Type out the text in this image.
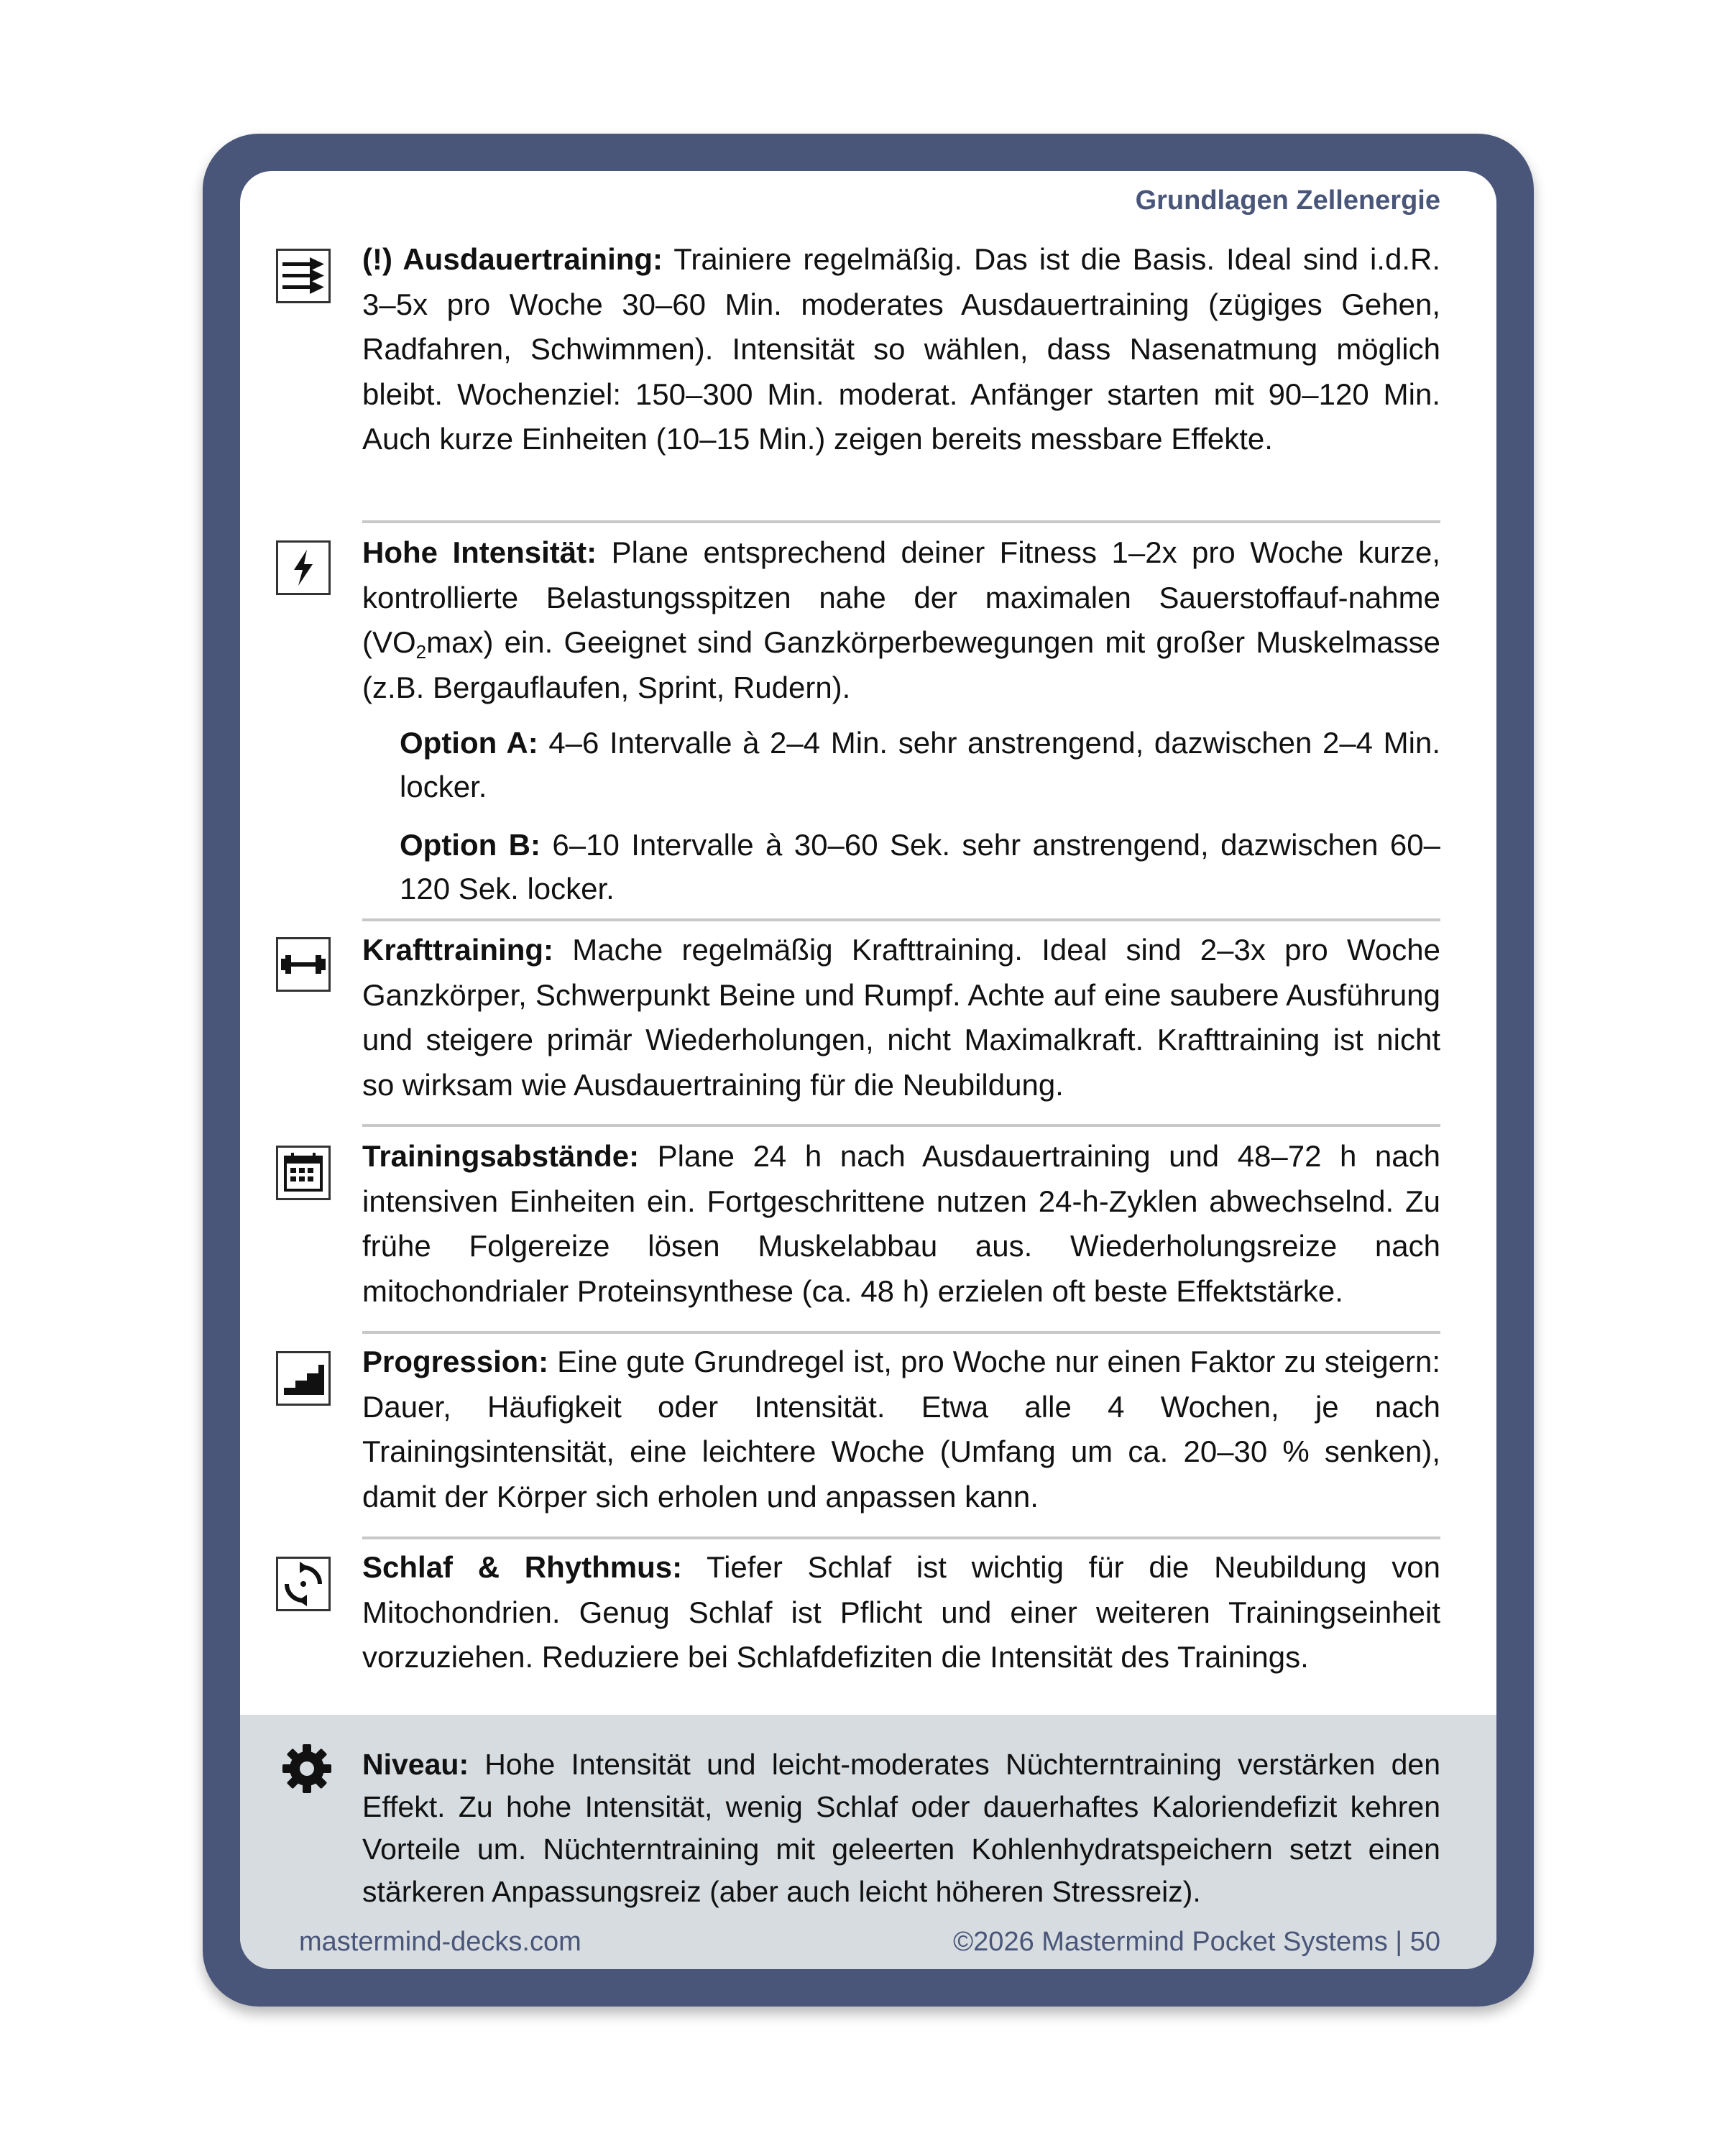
Grundlagen Zellenergie
(!) Ausdauertraining: Trainiere regelmäßig. Das ist die Basis. Ideal sind i.d.R. 3–5x pro Woche 30–60 Min. moderates Ausdauertraining (zügiges Gehen, Radfahren, Schwimmen). Intensität so wählen, dass Nasenatmung möglich bleibt. Wochenziel: 150–300 Min. moderat. Anfänger starten mit 90–120 Min. Auch kurze Einheiten (10–15 Min.) zeigen bereits messbare Effekte.
Hohe Intensität: Plane entsprechend deiner Fitness 1–2x pro Woche kurze, kontrollierte Belastungsspitzen nahe der maximalen Sauerstoffauf-nahme $(VO_2\max)$ ein. Geeignet sind Ganzkörperbewegungen mit großer Muskelmasse (z.B. Bergauflaufen, Sprint, Rudern).
Option A: 4–6 Intervalle à 2–4 Min. sehr anstrengend, dazwischen 2–4 Min. locker.
Option B: 6–10 Intervalle à 30–60 Sek. sehr anstrengend, dazwischen 60–120 Sek. locker.
Krafttraining: Mache regelmäßig Krafttraining. Ideal sind 2–3x pro Woche Ganzkörper, Schwerpunkt Beine und Rumpf. Achte auf eine saubere Ausführung und steigere primär Wiederholungen, nicht Maximalkraft. Krafttraining ist nicht so wirksam wie Ausdauertraining für die Neubildung.
Trainingsabstände: Plane 24 h nach Ausdauertraining und 48–72 h nach intensiven Einheiten ein. Fortgeschrittene nutzen 24-h-Zyklen abwechselnd. Zu frühe Folgereize lösen Muskelabbau aus. Wiederholungsreize nach mitochondrialer Proteinsynthese (ca. 48 h) erzielen oft beste Effektstärke.
Progression: Eine gute Grundregel ist, pro Woche nur einen Faktor zu steigern: Dauer, Häufigkeit oder Intensität. Etwa alle 4 Wochen, je nach Trainingsintensität, eine leichtere Woche (Umfang um ca. 20–30 % senken), damit der Körper sich erholen und anpassen kann.
Schlaf & Rhythmus: Tiefer Schlaf ist wichtig für die Neubildung von Mitochondrien. Genug Schlaf ist Pflicht und einer weiteren Trainingseinheit vorzuziehen. Reduziere bei Schlafdefiziten die Intensität des Trainings.
Niveau: Hohe Intensität und leicht-moderates Nüchterntraining verstärken den Effekt. Zu hohe Intensität, wenig Schlaf oder dauerhaftes Kaloriendefizit kehren Vorteile um. Nüchterntraining mit geleerten Kohlenhydratspeichern setzt einen stärkeren Anpassungsreiz (aber auch leicht höheren Stressreiz).
mastermind-decks.com	©2026 Mastermind Pocket Systems | 50
